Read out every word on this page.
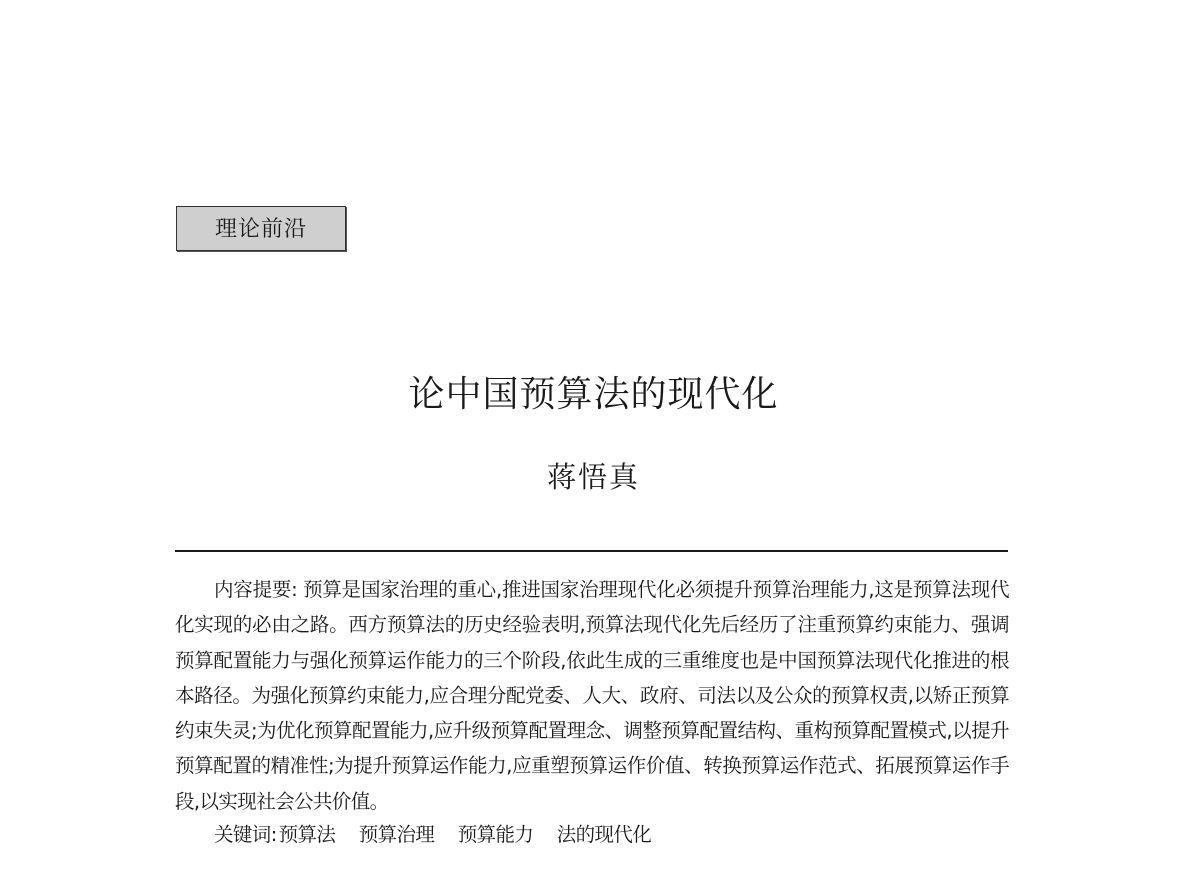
理论前沿
论中国预算法的现代化
蒋悟真

内容提要: 预算是国家治理的重心,推进国家治理现代化必须提升预算治理能力,这是预算法现代化实现的必由之路。西方预算法的历史经验表明,预算法现代化先后经历了注重预算约束能力、强调预算配置能力与强化预算运作能力的三个阶段,依此生成的三重维度也是中国预算法现代化推进的根本路径。为强化预算约束能力,应合理分配党委、人大、政府、司法以及公众的预算权责,以矫正预算约束失灵;为优化预算配置能力,应升级预算配置理念、调整预算配置结构、重构预算配置模式,以提升预算配置的精准性;为提升预算运作能力,应重塑预算运作价值、转换预算运作范式、拓展预算运作手段,以实现社会公共价值。

关键词:预算法 预算治理 预算能力 法的现代化
